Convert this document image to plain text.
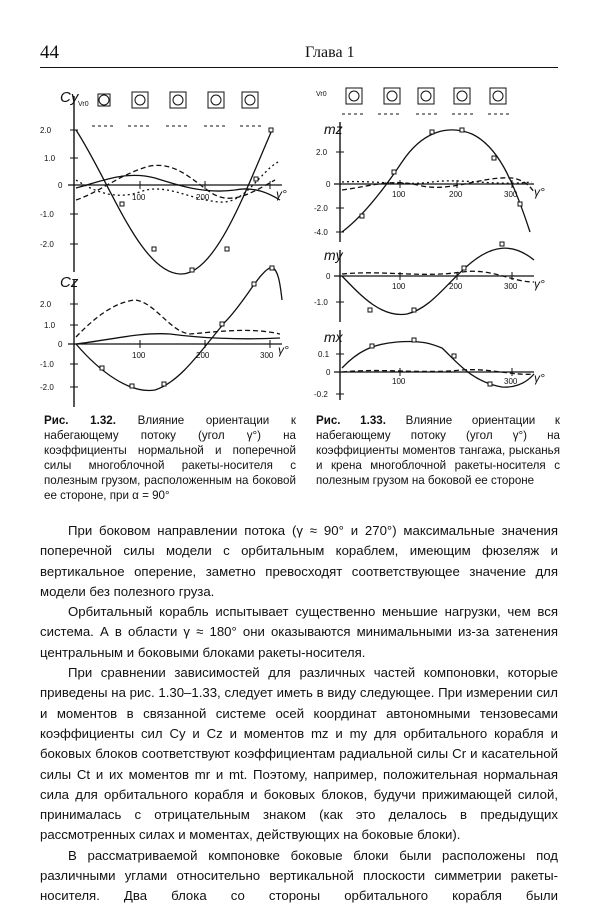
44	Глава 1
Cy
2.0
1.0
0
-1.0
-2.0
100	200	γ°
Vr0
Cz
2.0
1.0
0
-1.0
-2.0
100	200	300 γ°
Vr0
mz
2.0
0
-2.0
-4.0
100	200	300 γ°
my
0
-1.0
100	200	300 γ°
mx
0.1
0
-0.2
100	300 γ°
Рис. 1.32. Влияние ориентации к набегающему потоку (угол γ°) на коэффициенты нормальной и поперечной силы многоблочной ракеты-носителя с полезным грузом, расположенным на боковой ее стороне, при α = 90°
Рис. 1.33. Влияние ориентации к набегающему потоку (угол γ°) на коэффициенты моментов тангажа, рысканья и крена многоблочной ракеты-носителя с полезным грузом на боковой ее стороне

При боковом направлении потока (γ ≈ 90° и 270°) максимальные значения поперечной силы модели с орбитальным кораблем, имеющим фюзеляж и вертикальное оперение, заметно превосходят соответствующее значение для модели без полезного груза.

Орбитальный корабль испытывает существенно меньшие нагрузки, чем вся система. А в области γ ≈ 180° они оказываются минимальными из-за затенения центральным и боковыми блоками ракеты-носителя.

При сравнении зависимостей для различных частей компоновки, которые приведены на рис. 1.30–1.33, следует иметь в виду следующее. При измерении сил и моментов в связанной системе осей координат автономными тензовесами коэффициенты сил Cy и Cz и моментов mz и my для орбитального корабля и боковых блоков соответствуют коэффициентам радиальной силы Cr и касательной силы Ct и их моментов mr и mt. Поэтому, например, положительная нормальная сила для орбитального корабля и боковых блоков, будучи прижимающей силой, принималась с отрицательным знаком (как это делалось в предыдущих рассмотренных силах и моментах, действующих на боковые блоки).

В рассматриваемой компоновке боковые блоки были расположены под различными углами относительно вертикальной плоскости симметрии ракеты-носителя. Два блока со стороны орбитального корабля были
